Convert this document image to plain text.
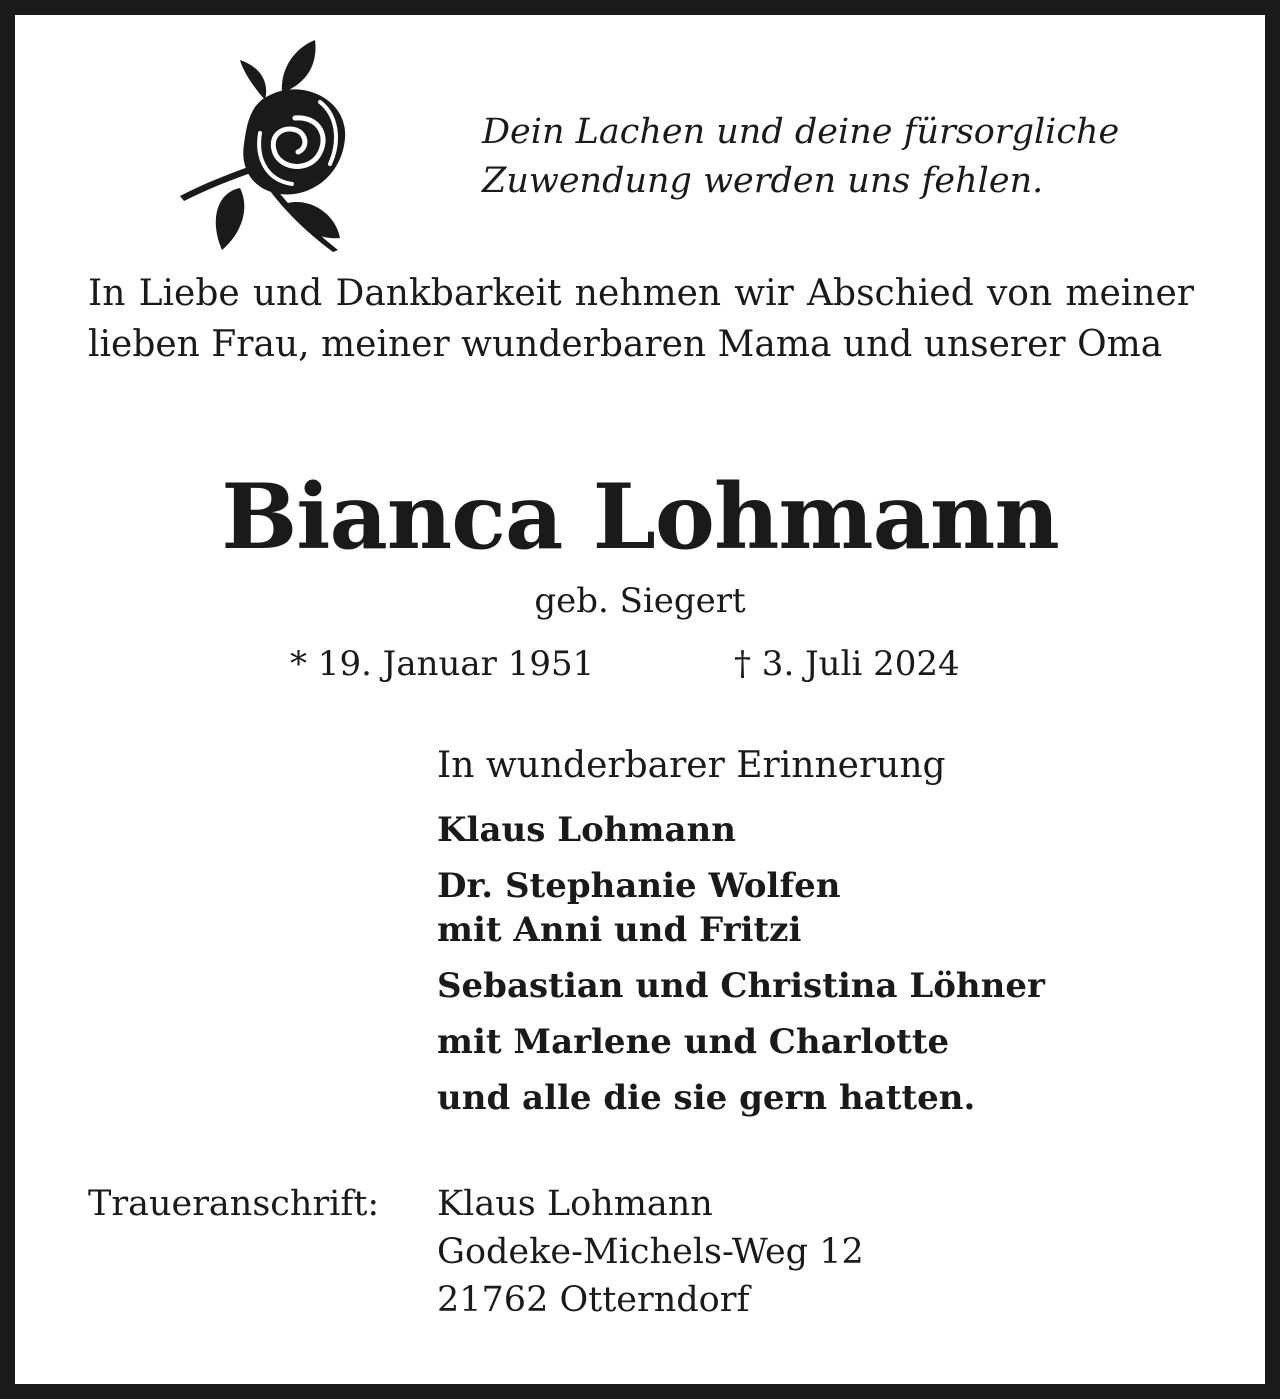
Dein Lachen und deine fürsorgliche
Zuwendung werden uns fehlen.
In Liebe und Dankbarkeit nehmen wir Abschied von meiner lieben Frau, meiner wunderbaren Mama und unserer Oma
Bianca Lohmann
geb. Siegert
* 19. Januar 1951	† 3. Juli 2024
In wunderbarer Erinnerung
Klaus Lohmann
Dr. Stephanie Wolfen
mit Anni und Fritzi
Sebastian und Christina Löhner
mit Marlene und Charlotte
und alle die sie gern hatten.
Traueranschrift: Klaus Lohmann
Godeke-Michels-Weg 12
21762 Otterndorf
